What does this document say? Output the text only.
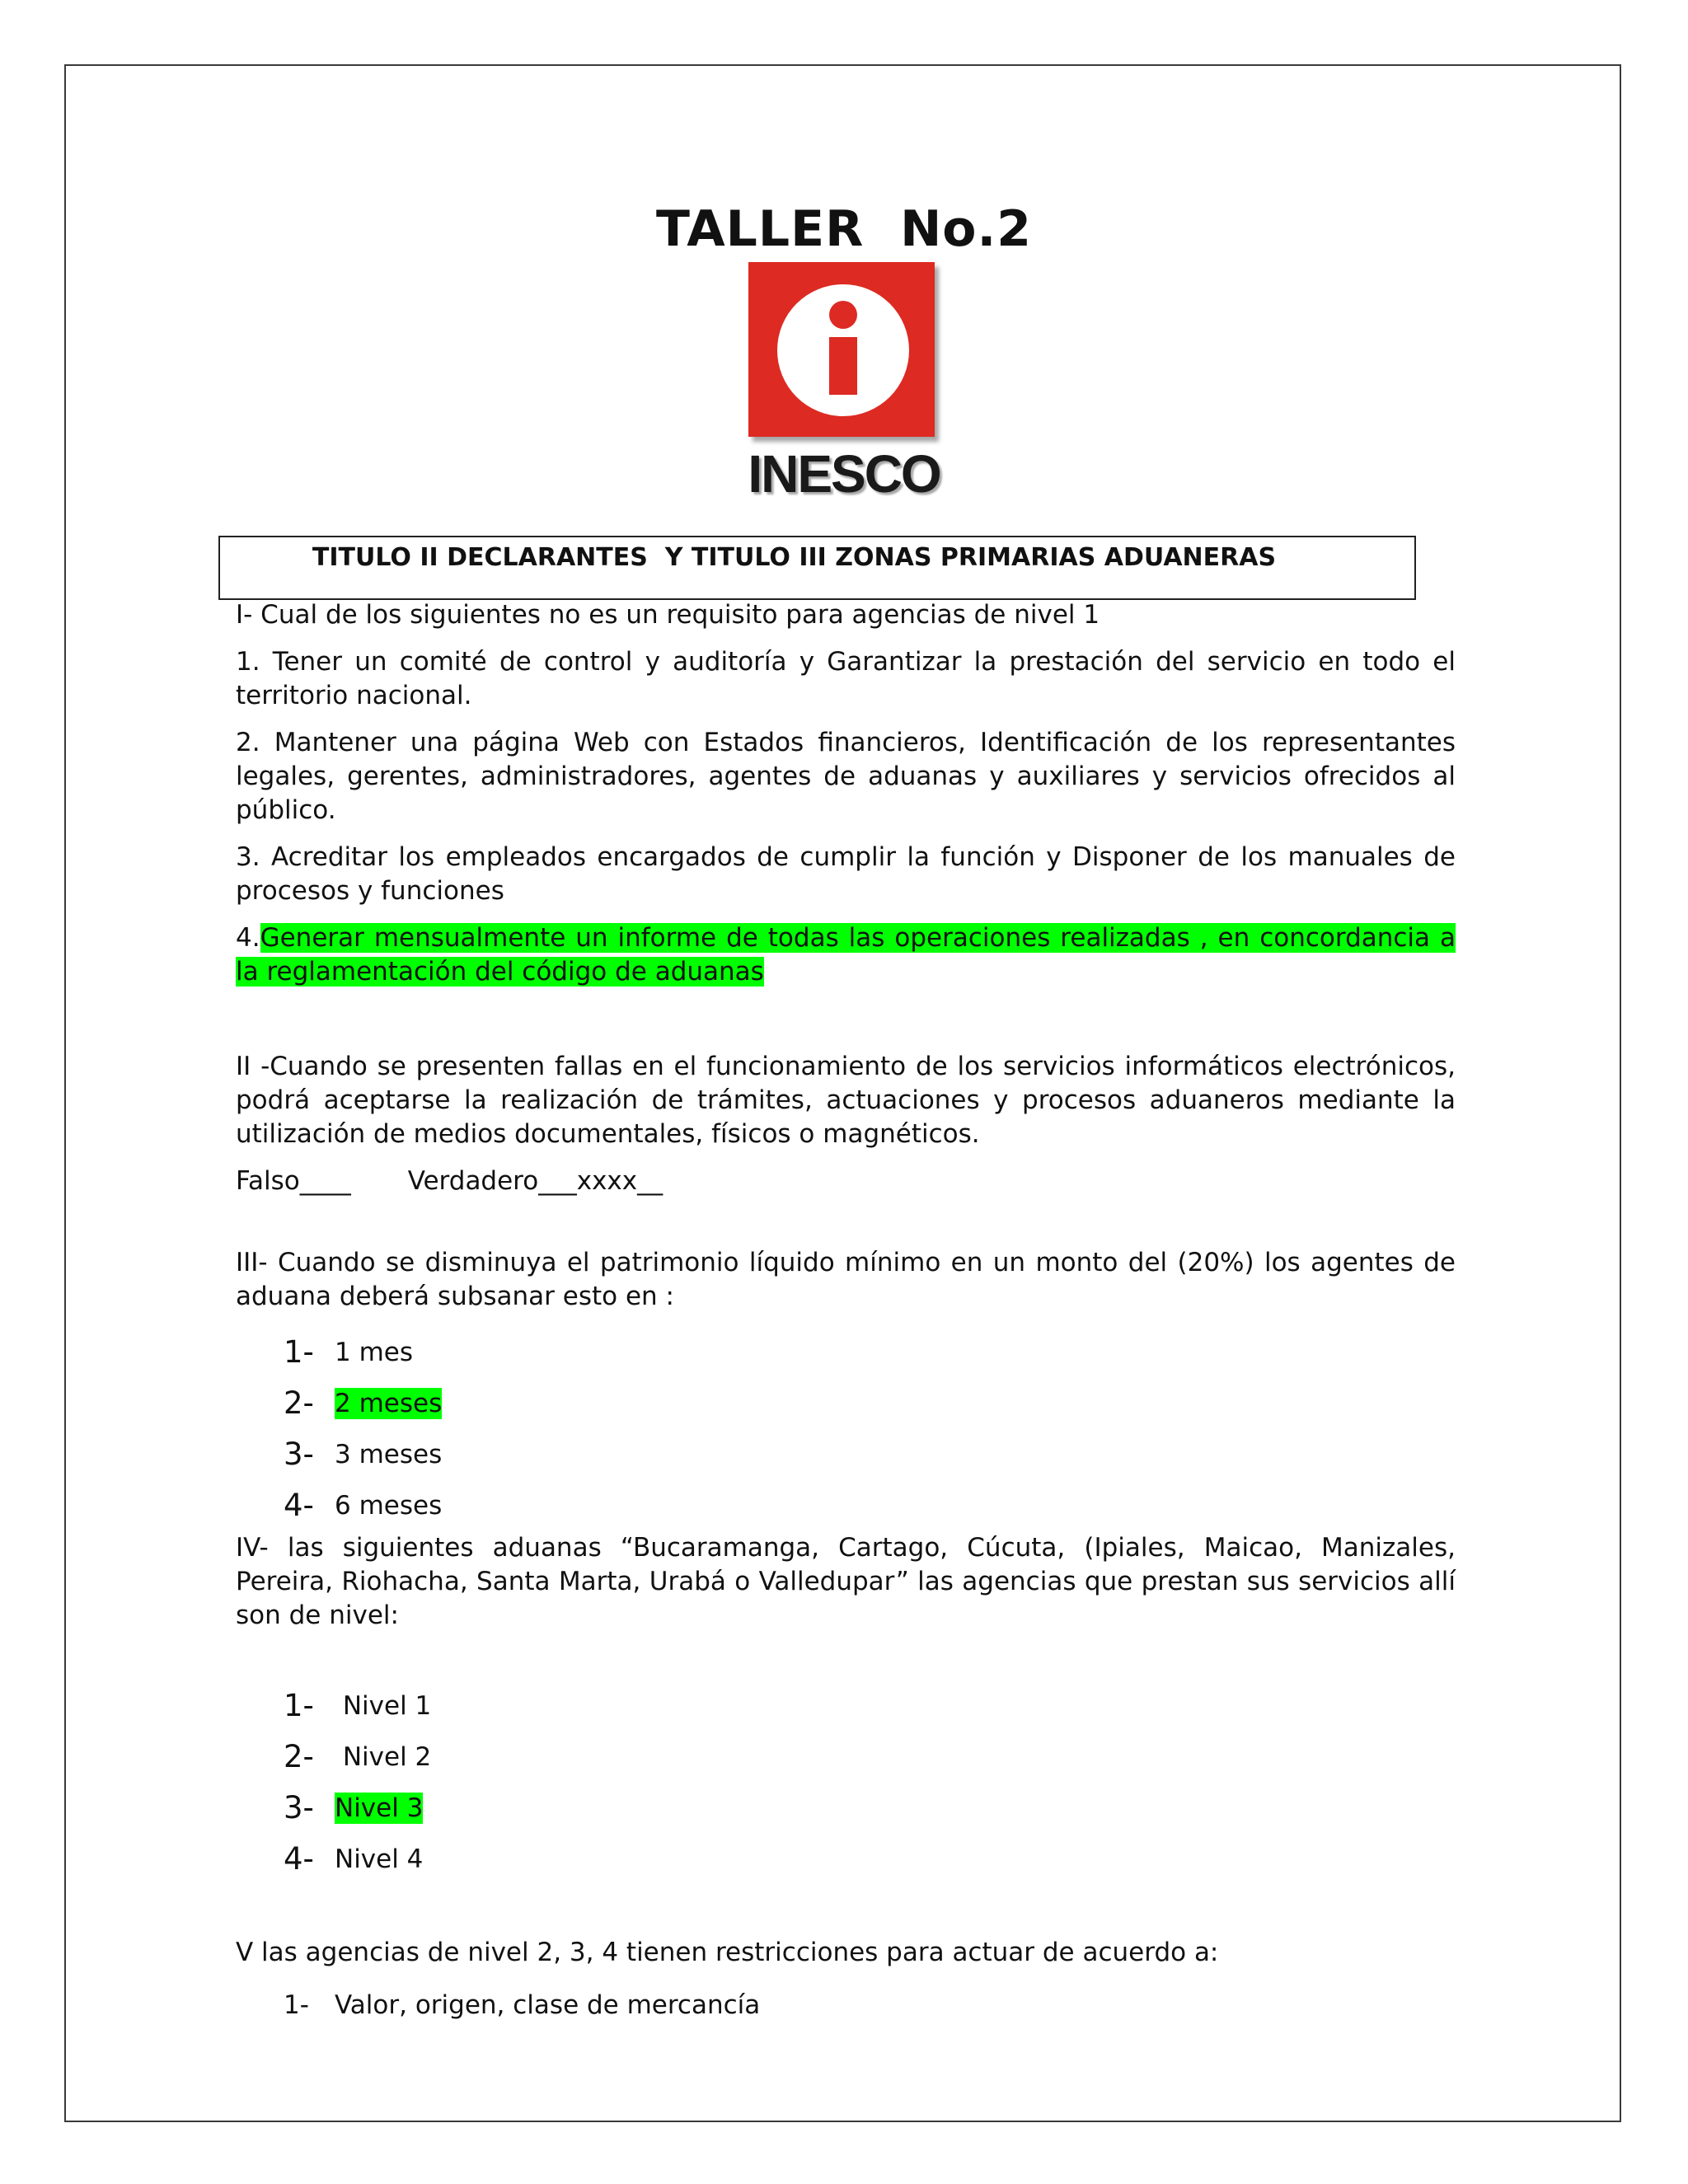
TALLER  No.2
INESCO
TITULO II DECLARANTES  Y TITULO III ZONAS PRIMARIAS ADUANERAS

I- Cual de los siguientes no es un requisito para agencias de nivel 1

1. Tener un comité de control y auditoría y Garantizar la prestación del servicio en todo el territorio nacional.

2. Mantener una página Web con Estados financieros, Identificación de los representantes legales, gerentes, administradores, agentes de aduanas y auxiliares y servicios ofrecidos al público.

3. Acreditar los empleados encargados de cumplir la función y Disponer de los manuales de procesos y funciones

4.Generar mensualmente un informe de todas las operaciones realizadas , en concordancia a la reglamentación del código de aduanas

II -Cuando se presenten fallas en el funcionamiento de los servicios informáticos electrónicos, podrá aceptarse la realización de trámites, actuaciones y procesos aduaneros mediante la utilización de medios documentales, físicos o magnéticos.

Falso____       Verdadero___xxxx__

III- Cuando se disminuya el patrimonio líquido mínimo en un monto del (20%) los agentes de aduana deberá subsanar esto en :

1- 1 mes
2- 2 meses
3- 3 meses
4- 6 meses

IV- las siguientes aduanas “Bucaramanga, Cartago, Cúcuta, (Ipiales, Maicao, Manizales, Pereira, Riohacha, Santa Marta, Urabá o Valledupar” las agencias que prestan sus servicios allí son de nivel:

1- Nivel 1
2- Nivel 2
3- Nivel 3
4- Nivel 4

V las agencias de nivel 2, 3, 4 tienen restricciones para actuar de acuerdo a:

1- Valor, origen, clase de mercancía
